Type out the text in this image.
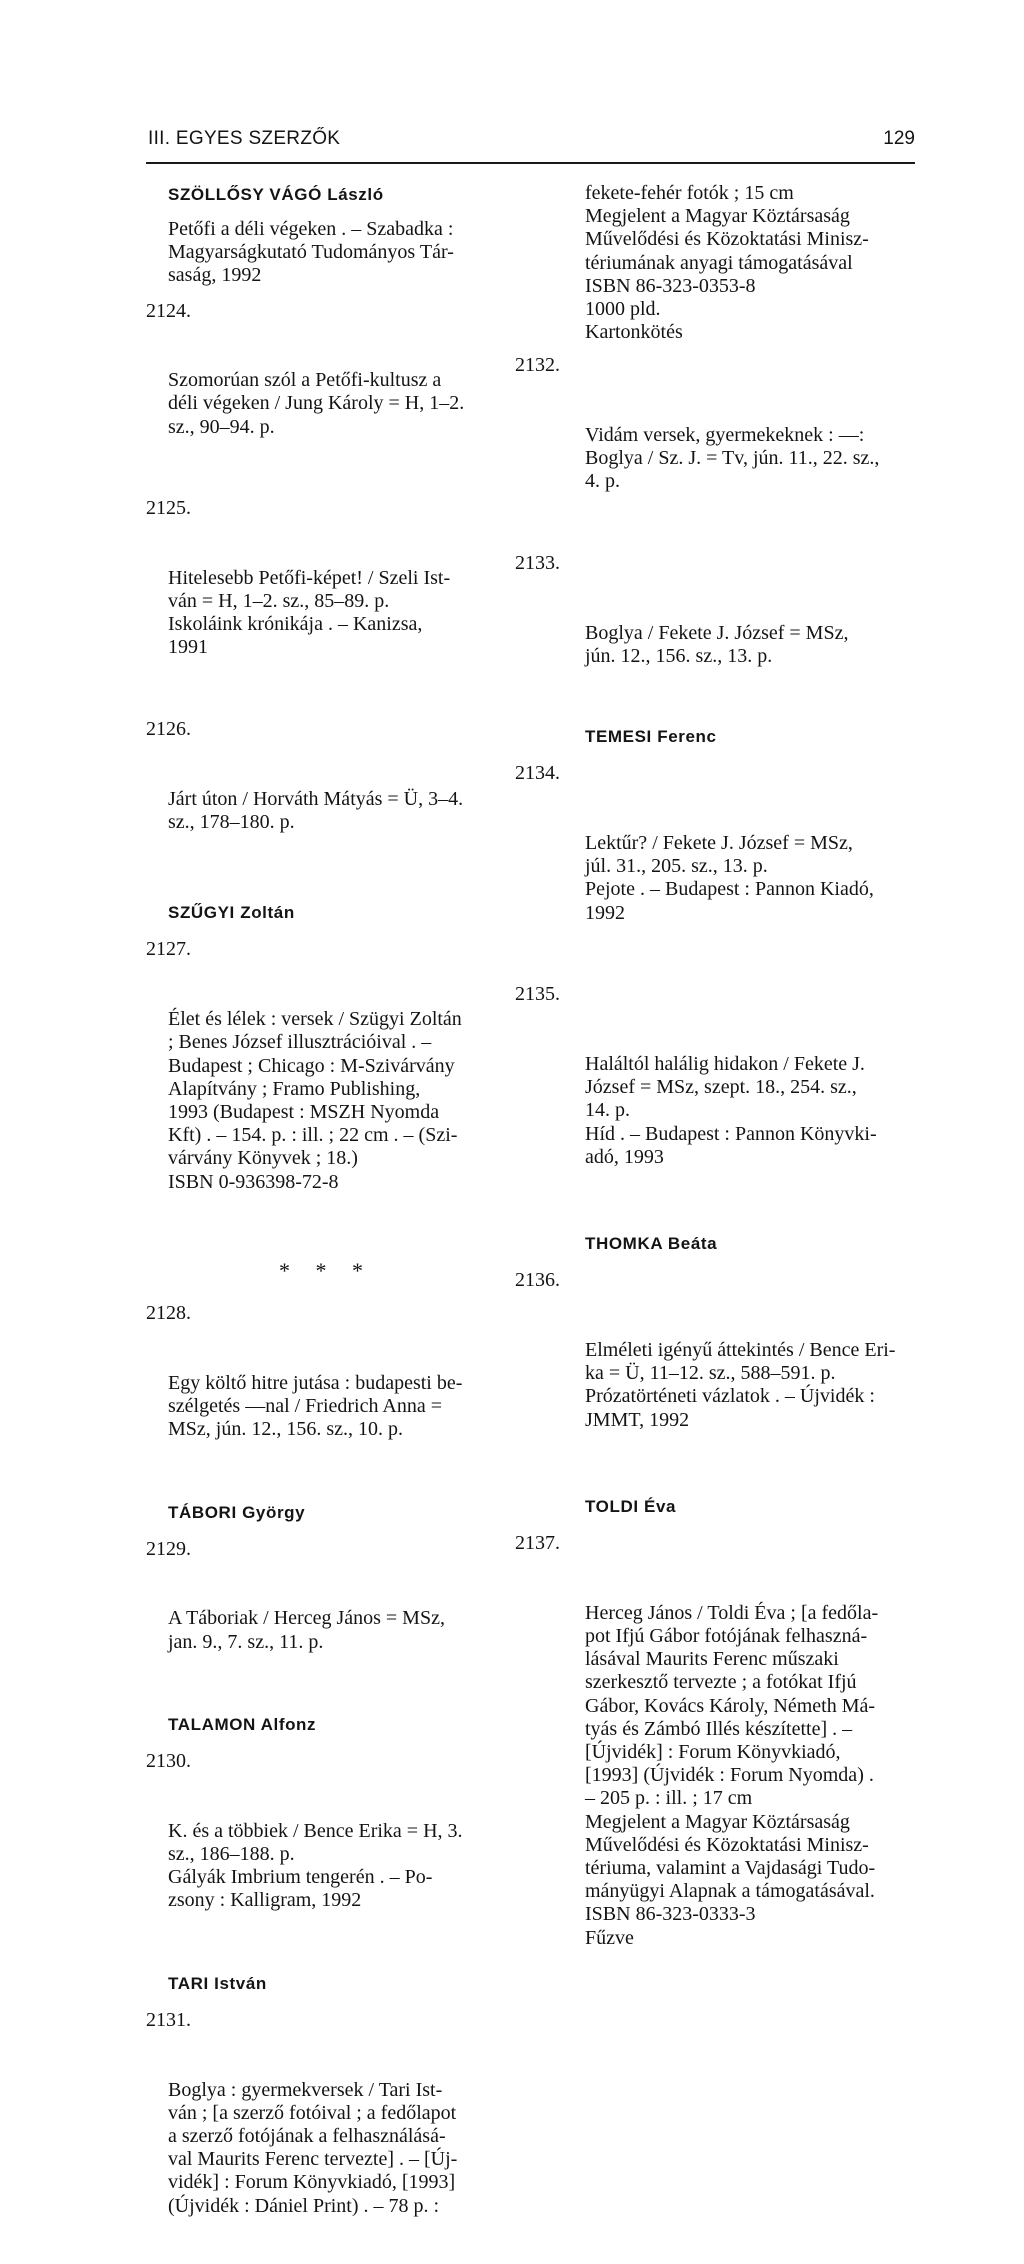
III. EGYES SZERZŐK	129
SZÖLLŐSY VÁGÓ László
Petőfi a déli végeken . – Szabadka :
Magyarságkutató Tudományos Tár-
saság, 1992

2124.

Szomorúan szól a Petőfi-kultusz a
déli végeken / Jung Károly = H, 1–2.
sz., 90–94. p.

2125.

Hitelesebb Petőfi-képet! / Szeli Ist-
ván = H, 1–2. sz., 85–89. p.
Iskoláink krónikája . – Kanizsa,
1991

2126.

Járt úton / Horváth Mátyás = Ü, 3–4.
sz., 178–180. p.

SZŰGYI Zoltán

2127.

Élet és lélek : versek / Szügyi Zoltán
; Benes József illusztrációival . –
Budapest ; Chicago : M-Szivárvány
Alapítvány ; Framo Publishing,
1993 (Budapest : MSZH Nyomda
Kft) . – 154. p. : ill. ; 22 cm . – (Szi-
várvány Könyvek ; 18.)
ISBN 0-936398-72-8

* * *

2128.

Egy költő hitre jutása : budapesti be-
szélgetés ––nal / Friedrich Anna =
MSz, jún. 12., 156. sz., 10. p.

TÁBORI György

2129.

A Táboriak / Herceg János = MSz,
jan. 9., 7. sz., 11. p.

TALAMON Alfonz

2130.

K. és a többiek / Bence Erika = H, 3.
sz., 186–188. p.
Gályák Imbrium tengerén . – Po-
zsony : Kalligram, 1992

TARI István

2131.

Boglya : gyermekversek / Tari Ist-
ván ; [a szerző fotóival ; a fedőlapot
a szerző fotójának a felhasználásá-
val Maurits Ferenc tervezte] . – [Új-
vidék] : Forum Könyvkiadó, [1993]
(Újvidék : Dániel Print) . – 78 p. :

fekete-fehér fotók ; 15 cm
Megjelent a Magyar Köztársaság
Művelődési és Közoktatási Minisz-
tériumának anyagi támogatásával
ISBN 86-323-0353-8
1000 pld.
Kartonkötés

2132.

Vidám versek, gyermekeknek : ––:
Boglya / Sz. J. = Tv, jún. 11., 22. sz.,
4. p.

2133.

Boglya / Fekete J. József = MSz,
jún. 12., 156. sz., 13. p.

TEMESI Ferenc

2134.

Lektűr? / Fekete J. József = MSz,
júl. 31., 205. sz., 13. p.
Pejote . – Budapest : Pannon Kiadó,
1992

2135.

Haláltól halálig hidakon / Fekete J.
József = MSz, szept. 18., 254. sz.,
14. p.
Híd . – Budapest : Pannon Könyvki-
adó, 1993

THOMKA Beáta

2136.

Elméleti igényű áttekintés / Bence Eri-
ka = Ü, 11–12. sz., 588–591. p.
Prózatörténeti vázlatok . – Újvidék :
JMMT, 1992

TOLDI Éva

2137.

Herceg János / Toldi Éva ; [a fedőla-
pot Ifjú Gábor fotójának felhaszná-
lásával Maurits Ferenc műszaki
szerkesztő tervezte ; a fotókat Ifjú
Gábor, Kovács Károly, Németh Má-
tyás és Zámbó Illés készítette] . –
[Újvidék] : Forum Könyvkiadó,
[1993] (Újvidék : Forum Nyomda) .
– 205 p. : ill. ; 17 cm
Megjelent a Magyar Köztársaság
Művelődési és Közoktatási Minisz-
tériuma, valamint a Vajdasági Tudo-
mányügyi Alapnak a támogatásával.
ISBN 86-323-0333-3
Fűzve
